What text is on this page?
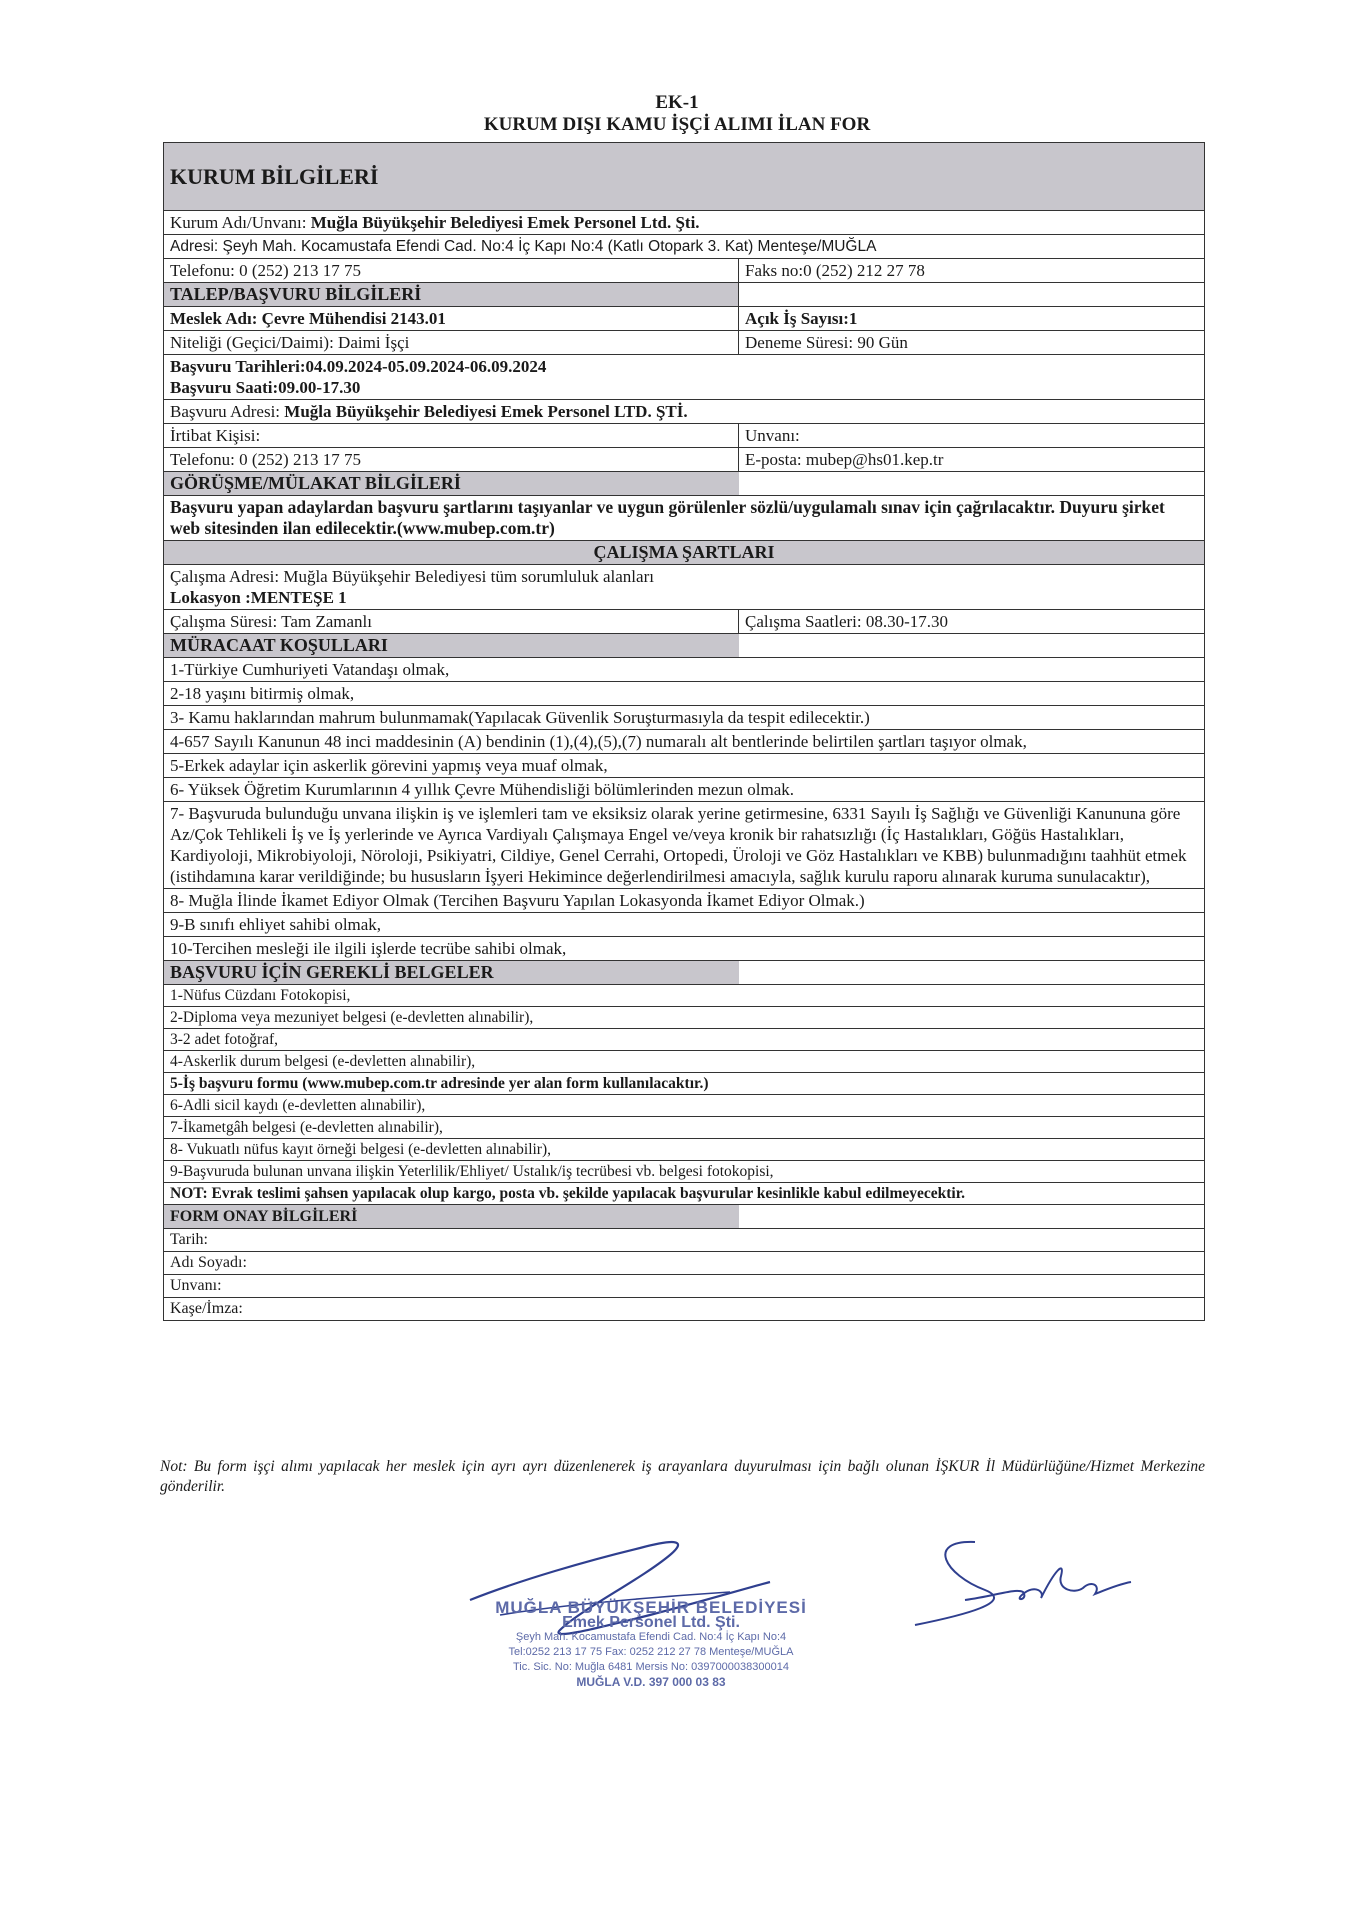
EK-1
KURUM DIŞI KAMU İŞÇİ ALIMI İLAN FOR
KURUM BİLGİLERİ
Kurum Adı/Unvanı: Muğla Büyükşehir Belediyesi Emek Personel Ltd. Şti.
Adresi: Şeyh Mah. Kocamustafa Efendi Cad. No:4 İç Kapı No:4 (Katlı Otopark 3. Kat) Menteşe/MUĞLA
Telefonu: 0 (252) 213 17 75	Faks no:0 (252) 212 27 78
TALEP/BAŞVURU BİLGİLERİ
Meslek Adı: Çevre Mühendisi 2143.01	Açık İş Sayısı:1
Niteliği (Geçici/Daimi): Daimi İşçi	Deneme Süresi: 90 Gün
Başvuru Tarihleri:04.09.2024-05.09.2024-06.09.2024
Başvuru Saati:09.00-17.30
Başvuru Adresi: Muğla Büyükşehir Belediyesi Emek Personel LTD. ŞTİ.
İrtibat Kişisi:	Unvanı:
Telefonu: 0 (252) 213 17 75	E-posta: mubep@hs01.kep.tr
GÖRÜŞME/MÜLAKAT BİLGİLERİ
Başvuru yapan adaylardan başvuru şartlarını taşıyanlar ve uygun görülenler sözlü/uygulamalı sınav için çağrılacaktır. Duyuru şirket web sitesinden ilan edilecektir.(www.mubep.com.tr)
ÇALIŞMA ŞARTLARI
Çalışma Adresi: Muğla Büyükşehir Belediyesi tüm sorumluluk alanları
Lokasyon :MENTEŞE 1
Çalışma Süresi: Tam Zamanlı	Çalışma Saatleri: 08.30-17.30
MÜRACAAT KOŞULLARI
1-Türkiye Cumhuriyeti Vatandaşı olmak,
2-18 yaşını bitirmiş olmak,
3- Kamu haklarından mahrum bulunmamak(Yapılacak Güvenlik Soruşturmasıyla da tespit edilecektir.)
4-657 Sayılı Kanunun 48 inci maddesinin (A) bendinin (1),(4),(5),(7) numaralı alt bentlerinde belirtilen şartları taşıyor olmak,
5-Erkek adaylar için askerlik görevini yapmış veya muaf olmak,
6- Yüksek Öğretim Kurumlarının 4 yıllık Çevre Mühendisliği bölümlerinden mezun olmak.
7- Başvuruda bulunduğu unvana ilişkin iş ve işlemleri tam ve eksiksiz olarak yerine getirmesine, 6331 Sayılı İş Sağlığı ve Güvenliği Kanununa göre Az/Çok Tehlikeli İş ve İş yerlerinde ve Ayrıca Vardiyalı Çalışmaya Engel ve/veya kronik bir rahatsızlığı (İç Hastalıkları, Göğüs Hastalıkları, Kardiyoloji, Mikrobiyoloji, Nöroloji, Psikiyatri, Cildiye, Genel Cerrahi, Ortopedi, Üroloji ve Göz Hastalıkları ve KBB) bulunmadığını taahhüt etmek (istihdamına karar verildiğinde; bu hususların İşyeri Hekimince değerlendirilmesi amacıyla, sağlık kurulu raporu alınarak kuruma sunulacaktır),
8- Muğla İlinde İkamet Ediyor Olmak (Tercihen Başvuru Yapılan Lokasyonda İkamet Ediyor Olmak.)
9-B sınıfı ehliyet sahibi olmak,
10-Tercihen mesleği ile ilgili işlerde tecrübe sahibi olmak,
BAŞVURU İÇİN GEREKLİ BELGELER
1-Nüfus Cüzdanı Fotokopisi,
2-Diploma veya mezuniyet belgesi (e-devletten alınabilir),
3-2 adet fotoğraf,
4-Askerlik durum belgesi (e-devletten alınabilir),
5-İş başvuru formu (www.mubep.com.tr adresinde yer alan form kullanılacaktır.)
6-Adli sicil kaydı (e-devletten alınabilir),
7-İkametgâh belgesi (e-devletten alınabilir),
8- Vukuatlı nüfus kayıt örneği belgesi (e-devletten alınabilir),
9-Başvuruda bulunan unvana ilişkin Yeterlilik/Ehliyet/ Ustalık/iş tecrübesi vb. belgesi fotokopisi,
NOT: Evrak teslimi şahsen yapılacak olup kargo, posta vb. şekilde yapılacak başvurular kesinlikle kabul edilmeyecektir.
FORM ONAY BİLGİLERİ
Tarih:
Adı Soyadı:
Unvanı:
Kaşe/İmza:
Not: Bu form işçi alımı yapılacak her meslek için ayrı ayrı düzenlenerek iş arayanlara duyurulması için bağlı olunan İŞKUR İl Müdürlüğüne/Hizmet Merkezine gönderilir.
MUĞLA BÜYÜKŞEHİR BELEDİYESİ
Emek Personel Ltd. Şti.
Şeyh Mah. Kocamustafa Efendi Cad. No:4 İç Kapı No:4
Tel:0252 213 17 75 Fax: 0252 212 27 78 Menteşe/MUĞLA
Tic. Sic. No: Muğla 6481 Mersis No: 0397000038300014
MUĞLA V.D. 397 000 03 83
